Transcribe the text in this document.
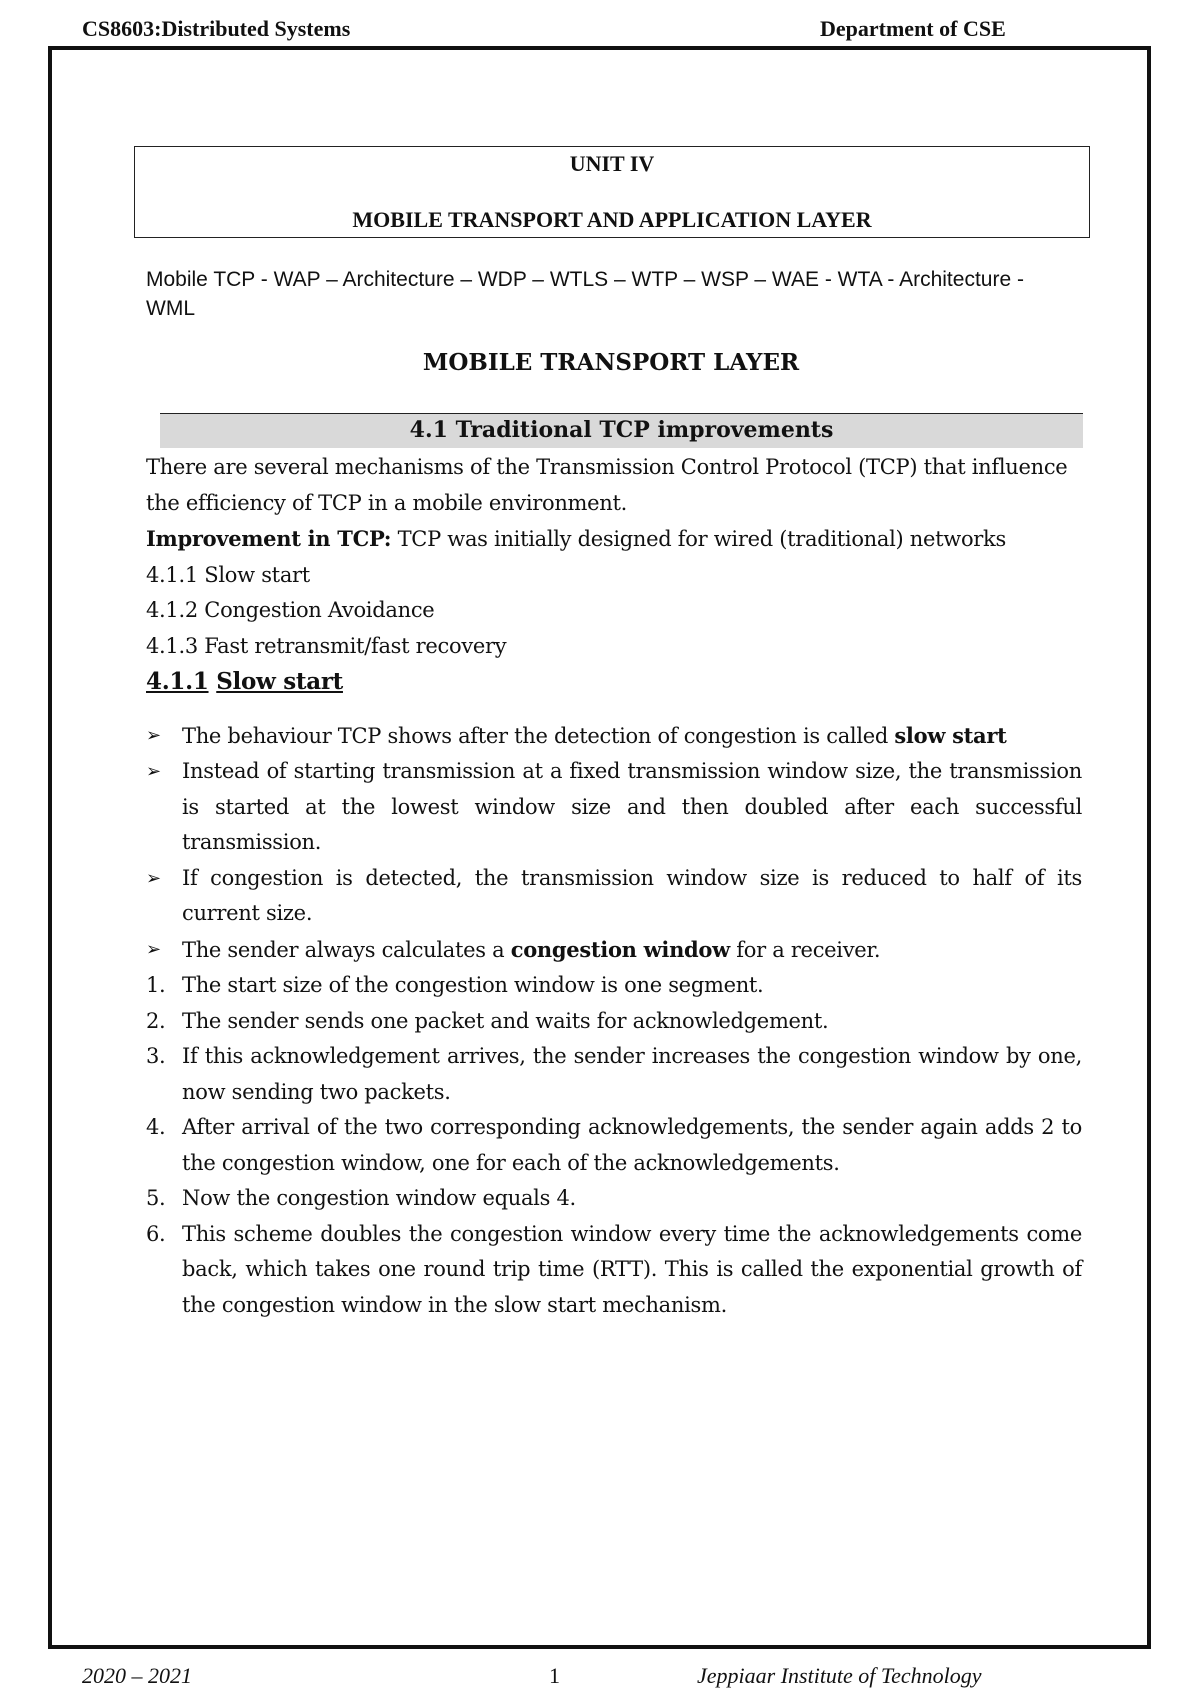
CS8603:Distributed Systems	Department of CSE
UNIT IV
MOBILE TRANSPORT AND APPLICATION LAYER
Mobile TCP - WAP – Architecture – WDP – WTLS – WTP – WSP – WAE - WTA - Architecture - WML
MOBILE TRANSPORT LAYER
4.1 Traditional TCP improvements

There are several mechanisms of the Transmission Control Protocol (TCP) that influence the efficiency of TCP in a mobile environment.

Improvement in TCP: TCP was initially designed for wired (traditional) networks

4.1.1 Slow start

4.1.2 Congestion Avoidance

4.1.3 Fast retransmit/fast recovery

4.1.1 Slow start

➢ The behaviour TCP shows after the detection of congestion is called slow start
➢ Instead of starting transmission at a fixed transmission window size, the transmission is started at the lowest window size and then doubled after each successful transmission.
➢ If congestion is detected, the transmission window size is reduced to half of its current size.
➢ The sender always calculates a congestion window for a receiver.
1. The start size of the congestion window is one segment.
2. The sender sends one packet and waits for acknowledgement.
3. If this acknowledgement arrives, the sender increases the congestion window by one, now sending two packets.
4. After arrival of the two corresponding acknowledgements, the sender again adds 2 to the congestion window, one for each of the acknowledgements.
5. Now the congestion window equals 4.
6. This scheme doubles the congestion window every time the acknowledgements come back, which takes one round trip time (RTT). This is called the exponential growth of the congestion window in the slow start mechanism.
2020 – 2021	1	Jeppiaar Institute of Technology
